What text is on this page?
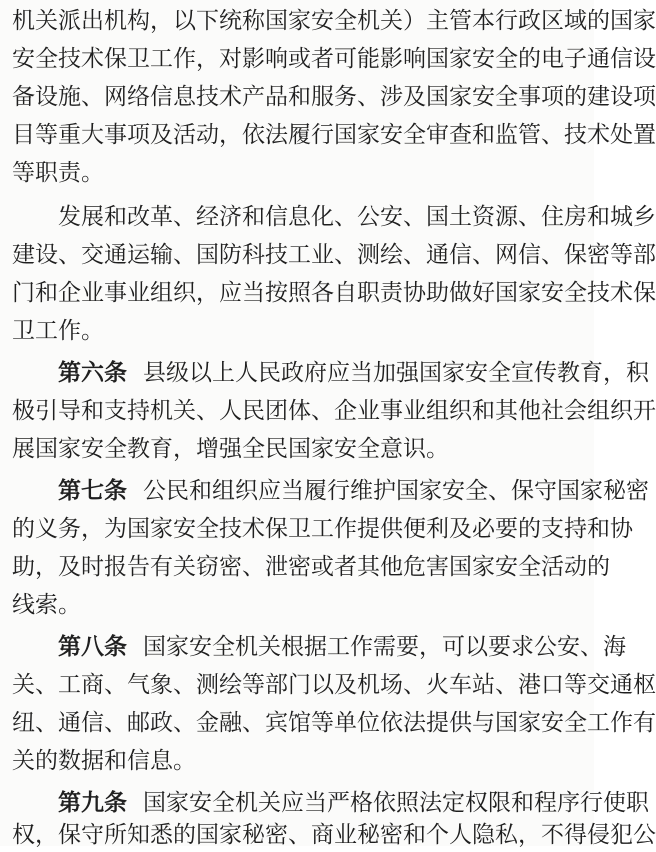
机关派出机构，以下统称国家安全机关）主管本行政区域的国家
安全技术保卫工作，对影响或者可能影响国家安全的电子通信设
备设施、网络信息技术产品和服务、涉及国家安全事项的建设项
目等重大事项及活动，依法履行国家安全审查和监管、技术处置
等职责。
发展和改革、经济和信息化、公安、国土资源、住房和城乡
建设、交通运输、国防科技工业、测绘、通信、网信、保密等部
门和企业事业组织，应当按照各自职责协助做好国家安全技术保
卫工作。
第六条 县级以上人民政府应当加强国家安全宣传教育，积
极引导和支持机关、人民团体、企业事业组织和其他社会组织开
展国家安全教育，增强全民国家安全意识。
第七条 公民和组织应当履行维护国家安全、保守国家秘密
的义务，为国家安全技术保卫工作提供便利及必要的支持和协
助，及时报告有关窃密、泄密或者其他危害国家安全活动的
线索。
第八条 国家安全机关根据工作需要，可以要求公安、海
关、工商、气象、测绘等部门以及机场、火车站、港口等交通枢
纽、通信、邮政、金融、宾馆等单位依法提供与国家安全工作有
关的数据和信息。
第九条 国家安全机关应当严格依照法定权限和程序行使职
权，保守所知悉的国家秘密、商业秘密和个人隐私，不得侵犯公
